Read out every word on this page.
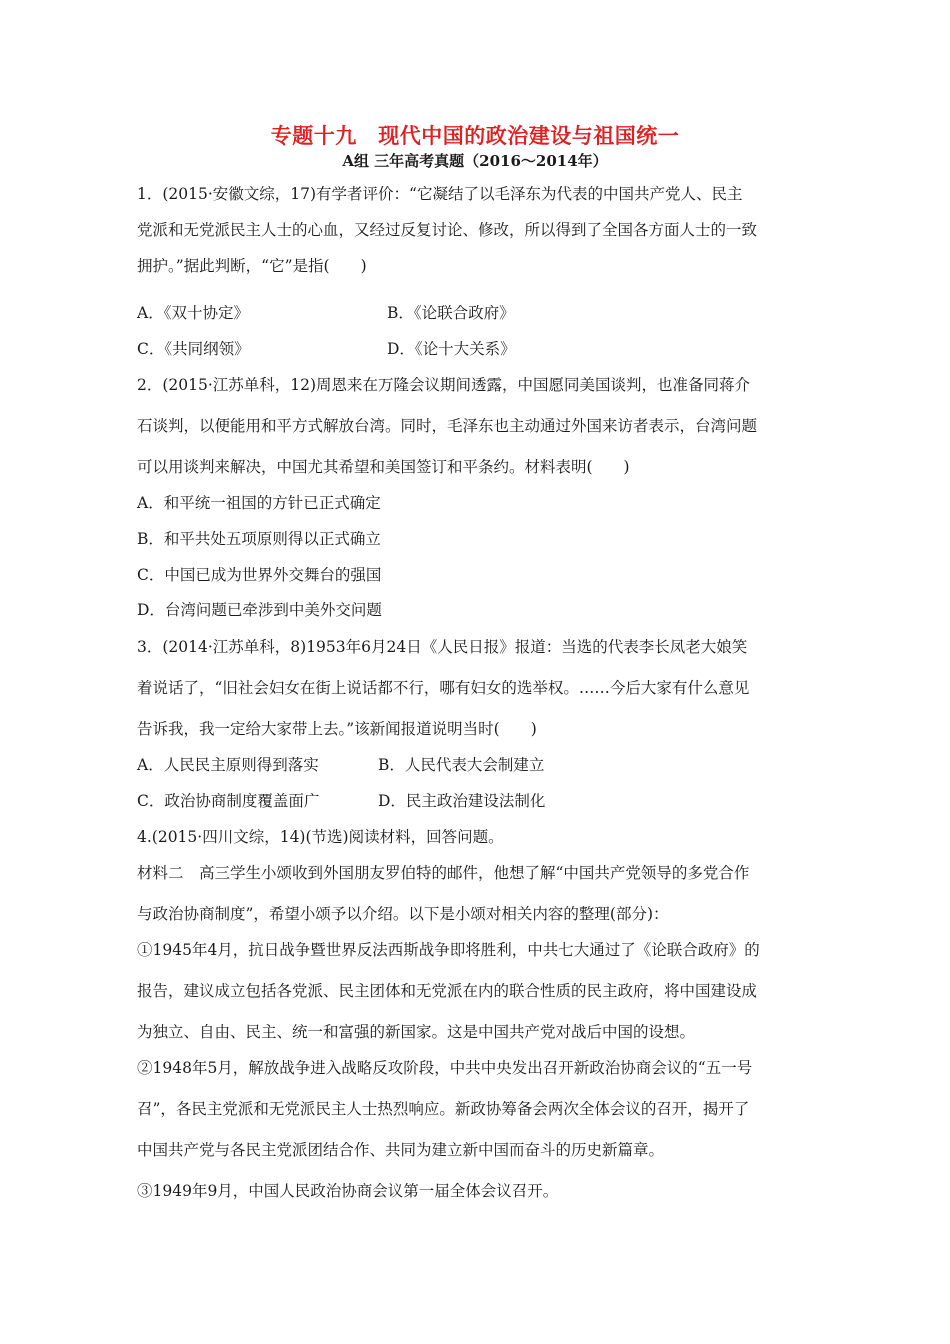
专题十九　现代中国的政治建设与祖国统一
A组 三年高考真题（2016～2014年）
1．(2015·安徽文综，17)有学者评价：“它凝结了以毛泽东为代表的中国共产党人、民主
党派和无党派民主人士的心血，又经过反复讨论、修改，所以得到了全国各方面人士的一致
拥护。”据此判断，“它”是指(　　)
A．《双十协定》	B．《论联合政府》
C．《共同纲领》	D．《论十大关系》
2．(2015·江苏单科，12)周恩来在万隆会议期间透露，中国愿同美国谈判，也准备同蒋介
石谈判，以便能用和平方式解放台湾。同时，毛泽东也主动通过外国来访者表示，台湾问题
可以用谈判来解决，中国尤其希望和美国签订和平条约。材料表明(　　)
A．和平统一祖国的方针已正式确定
B．和平共处五项原则得以正式确立
C．中国已成为世界外交舞台的强国
D．台湾问题已牵涉到中美外交问题
3．(2014·江苏单科，8)1953年6月24日《人民日报》报道：当选的代表李长凤老大娘笑
着说话了，“旧社会妇女在街上说话都不行，哪有妇女的选举权。……今后大家有什么意见
告诉我，我一定给大家带上去。”该新闻报道说明当时(　　)
A．人民民主原则得到落实	B．人民代表大会制建立
C．政治协商制度覆盖面广	D．民主政治建设法制化
4.(2015·四川文综，14)(节选)阅读材料，回答问题。
材料二　高三学生小颂收到外国朋友罗伯特的邮件，他想了解“中国共产党领导的多党合作
与政治协商制度”，希望小颂予以介绍。以下是小颂对相关内容的整理(部分)：
①1945年4月，抗日战争暨世界反法西斯战争即将胜利，中共七大通过了《论联合政府》的
报告，建议成立包括各党派、民主团体和无党派在内的联合性质的民主政府，将中国建设成
为独立、自由、民主、统一和富强的新国家。这是中国共产党对战后中国的设想。
②1948年5月，解放战争进入战略反攻阶段，中共中央发出召开新政治协商会议的“五一号
召”，各民主党派和无党派民主人士热烈响应。新政协筹备会两次全体会议的召开，揭开了
中国共产党与各民主党派团结合作、共同为建立新中国而奋斗的历史新篇章。
③1949年9月，中国人民政治协商会议第一届全体会议召开。
